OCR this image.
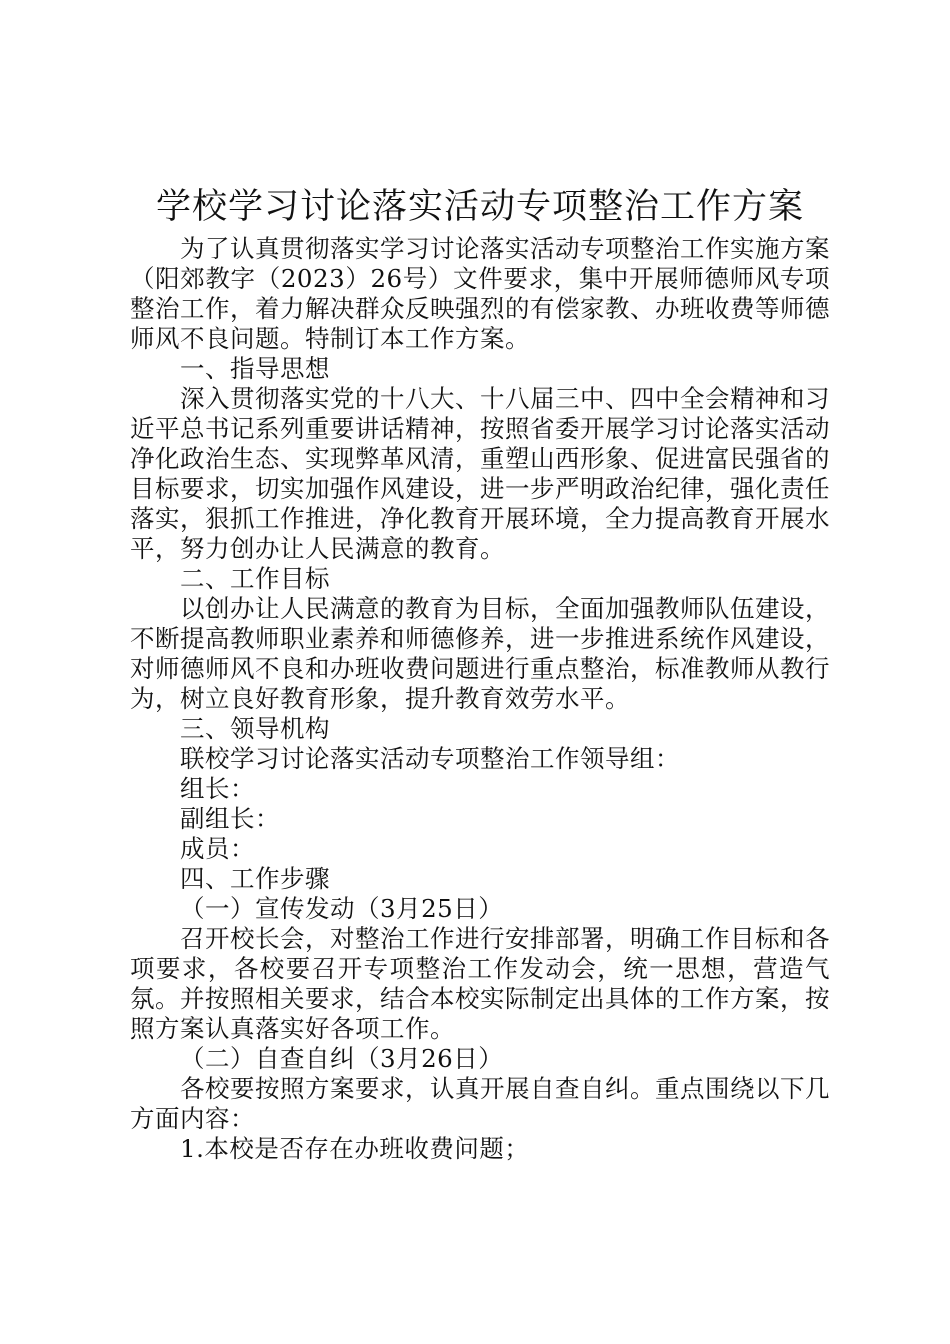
学校学习讨论落实活动专项整治工作方案

为了认真贯彻落实学习讨论落实活动专项整治工作实施方案（阳郊教字（2023）26号）文件要求，集中开展师德师风专项整治工作，着力解决群众反映强烈的有偿家教、办班收费等师德师风不良问题。特制订本工作方案。

一、指导思想

深入贯彻落实党的十八大、十八届三中、四中全会精神和习近平总书记系列重要讲话精神，按照省委开展学习讨论落实活动净化政治生态、实现弊革风清，重塑山西形象、促进富民强省的目标要求，切实加强作风建设，进一步严明政治纪律，强化责任落实，狠抓工作推进，净化教育开展环境，全力提高教育开展水平，努力创办让人民满意的教育。

二、工作目标

以创办让人民满意的教育为目标，全面加强教师队伍建设，不断提高教师职业素养和师德修养，进一步推进系统作风建设，对师德师风不良和办班收费问题进行重点整治，标准教师从教行为，树立良好教育形象，提升教育效劳水平。

三、领导机构

联校学习讨论落实活动专项整治工作领导组：

组长：

副组长：

成员：

四、工作步骤

（一）宣传发动（3月25日）

召开校长会，对整治工作进行安排部署，明确工作目标和各项要求，各校要召开专项整治工作发动会，统一思想，营造气氛。并按照相关要求，结合本校实际制定出具体的工作方案，按照方案认真落实好各项工作。

（二）自查自纠（3月26日）

各校要按照方案要求，认真开展自查自纠。重点围绕以下几方面内容：

1.本校是否存在办班收费问题；
